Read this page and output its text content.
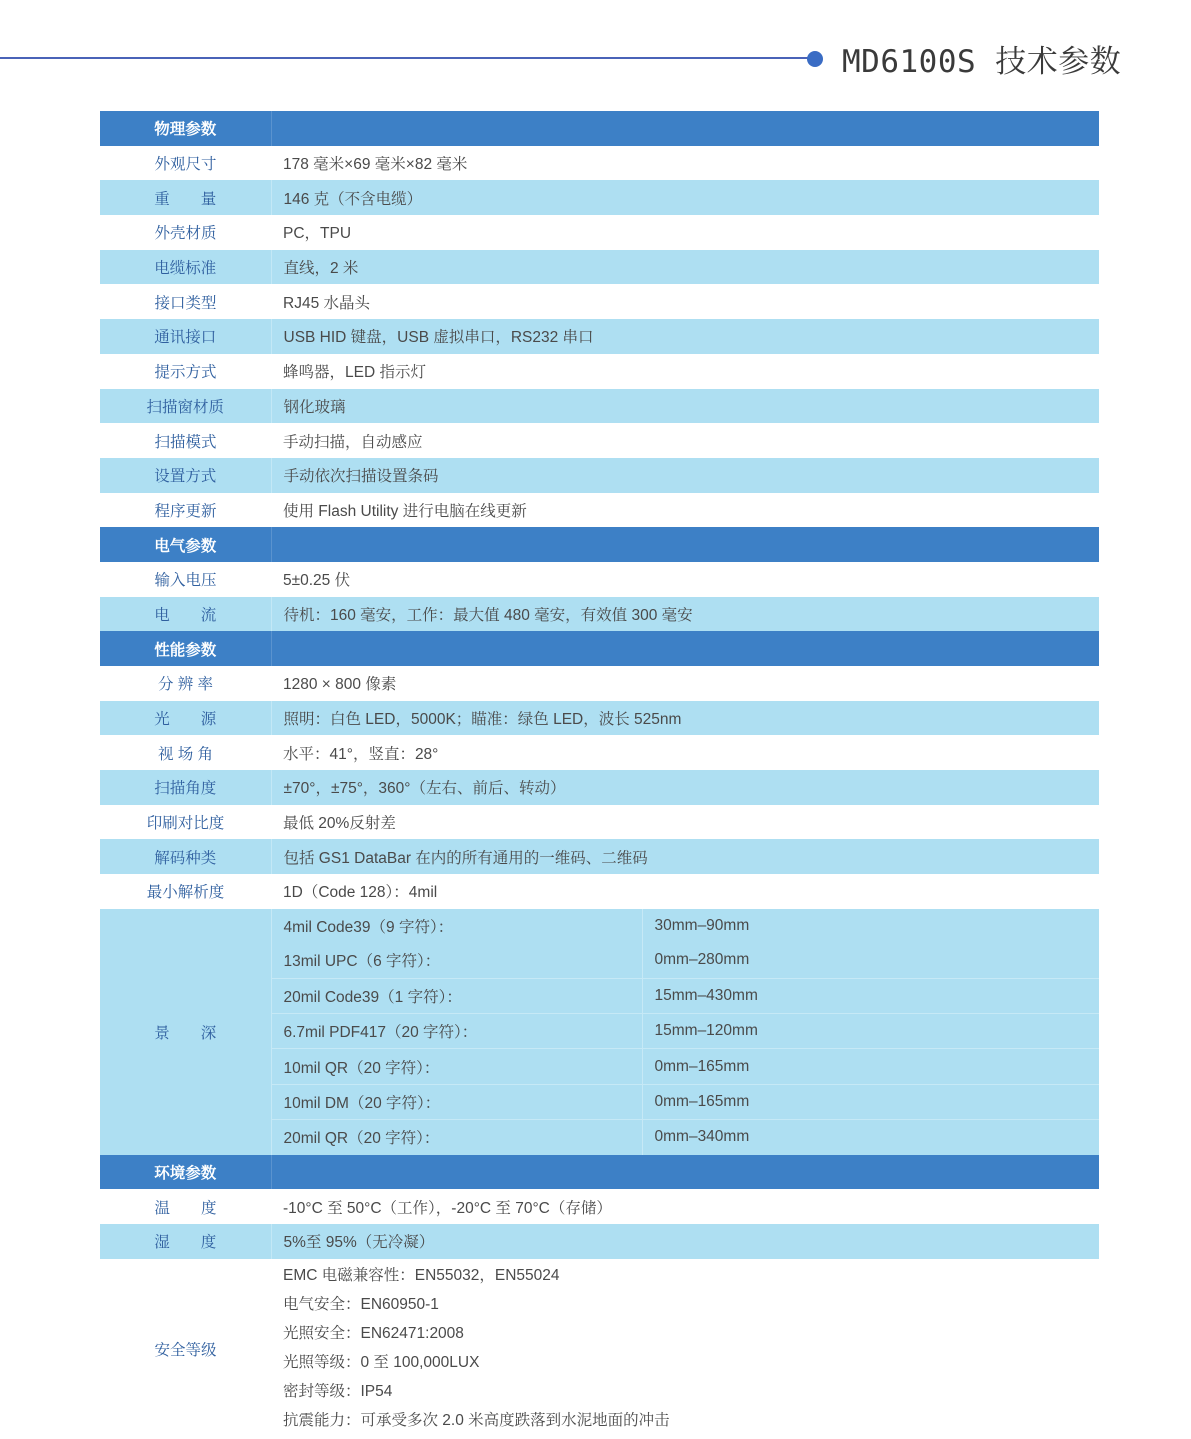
MD6100S 技术参数
物理参数		
外观尺寸	178 毫米×69 毫米×82 毫米	
重　　量	146 克（不含电缆）	
外壳材质	PC，TPU	
电缆标准	直线，2 米	
接口类型	RJ45 水晶头	
通讯接口	USB HID 键盘，USB 虚拟串口，RS232 串口	
提示方式	蜂鸣器，LED 指示灯	
扫描窗材质	钢化玻璃	
扫描模式	手动扫描，自动感应	
设置方式	手动依次扫描设置条码	
程序更新	使用 Flash Utility 进行电脑在线更新	
电气参数		
输入电压	5±0.25 伏	
电　　流	待机：160 毫安，工作：最大值 480 毫安，有效值 300 毫安	
性能参数		
分 辨 率	1280 × 800 像素	
光　　源	照明：白色 LED，5000K；瞄准：绿色 LED，波长 525nm	
视 场 角	水平：41°，竖直：28°	
扫描角度	±70°，±75°，360°（左右、前后、转动）	
印刷对比度	最低 20%反射差	
解码种类	包括 GS1 DataBar 在内的所有通用的一维码、二维码	
最小解析度	1D（Code 128）：4mil	
景　　深	4mil Code39（9 字符）：	30mm–90mm
	13mil UPC（6 字符）：	0mm–280mm
	20mil Code39（1 字符）：	15mm–430mm
	6.7mil PDF417（20 字符）：	15mm–120mm
	10mil QR（20 字符）：	0mm–165mm
	10mil DM（20 字符）：	0mm–165mm
	20mil QR（20 字符）：	0mm–340mm
环境参数		
温　　度	-10°C 至 50°C（工作），-20°C 至 70°C（存储）	
湿　　度	5%至 95%（无冷凝）	
安全等级	
EMC 电磁兼容性：EN55032，EN55024
电气安全：EN60950-1
光照安全：EN62471:2008
光照等级：0 至 100,000LUX
密封等级：IP54
抗震能力：可承受多次 2.0 米高度跌落到水泥地面的冲击
